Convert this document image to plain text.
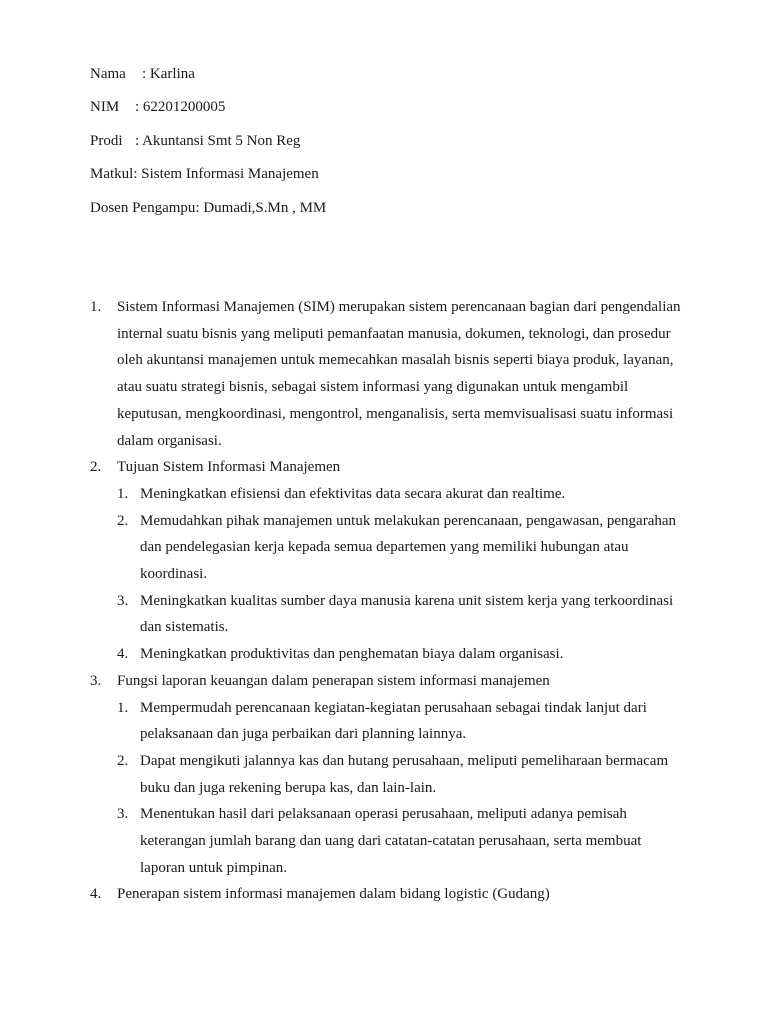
Nama : Karlina
NIM : 62201200005
Prodi : Akuntansi Smt 5 Non Reg
Matkul: Sistem Informasi Manajemen
Dosen Pengampu: Dumadi,S.Mn , MM
1. Sistem Informasi Manajemen (SIM) merupakan sistem perencanaan bagian dari pengendalian internal suatu bisnis yang meliputi pemanfaatan manusia, dokumen, teknologi, dan prosedur oleh akuntansi manajemen untuk memecahkan masalah bisnis seperti biaya produk, layanan, atau suatu strategi bisnis, sebagai sistem informasi yang digunakan untuk mengambil keputusan, mengkoordinasi, mengontrol, menganalisis, serta memvisualisasi suatu informasi dalam organisasi.
2. Tujuan Sistem Informasi Manajemen
1. Meningkatkan efisiensi dan efektivitas data secara akurat dan realtime.
2. Memudahkan pihak manajemen untuk melakukan perencanaan, pengawasan, pengarahan dan pendelegasian kerja kepada semua departemen yang memiliki hubungan atau koordinasi.
3. Meningkatkan kualitas sumber daya manusia karena unit sistem kerja yang terkoordinasi dan sistematis.
4. Meningkatkan produktivitas dan penghematan biaya dalam organisasi.
3. Fungsi laporan keuangan dalam penerapan sistem informasi manajemen
1. Mempermudah perencanaan kegiatan-kegiatan perusahaan sebagai tindak lanjut dari pelaksanaan dan juga perbaikan dari planning lainnya.
2. Dapat mengikuti jalannya kas dan hutang perusahaan, meliputi pemeliharaan bermacam buku dan juga rekening berupa kas, dan lain-lain.
3. Menentukan hasil dari pelaksanaan operasi perusahaan, meliputi adanya pemisah keterangan jumlah barang dan uang dari catatan-catatan perusahaan, serta membuat laporan untuk pimpinan.
4. Penerapan sistem informasi manajemen dalam bidang logistic (Gudang)
